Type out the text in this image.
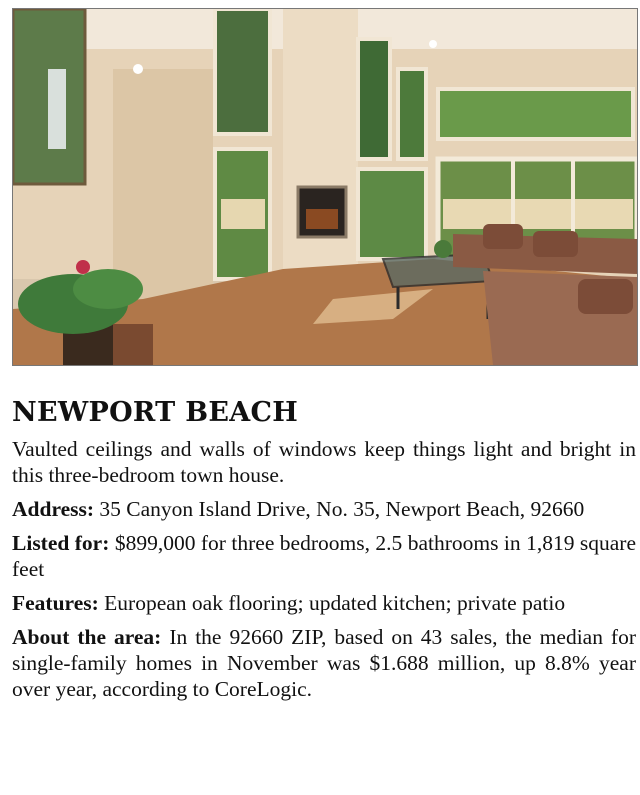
NEWPORT BEACH

Vaulted ceilings and walls of windows keep things light and bright in this three-bedroom town house.

Address: 35 Canyon Island Drive, No. 35, Newport Beach, 92660

Listed for: $899,000 for three bedrooms, 2.5 bathrooms in 1,819 square feet

Features: European oak flooring; updated kitchen; private patio

About the area: In the 92660 ZIP, based on 43 sales, the median for single-family homes in November was $1.688 million, up 8.8% year over year, according to CoreLogic.
